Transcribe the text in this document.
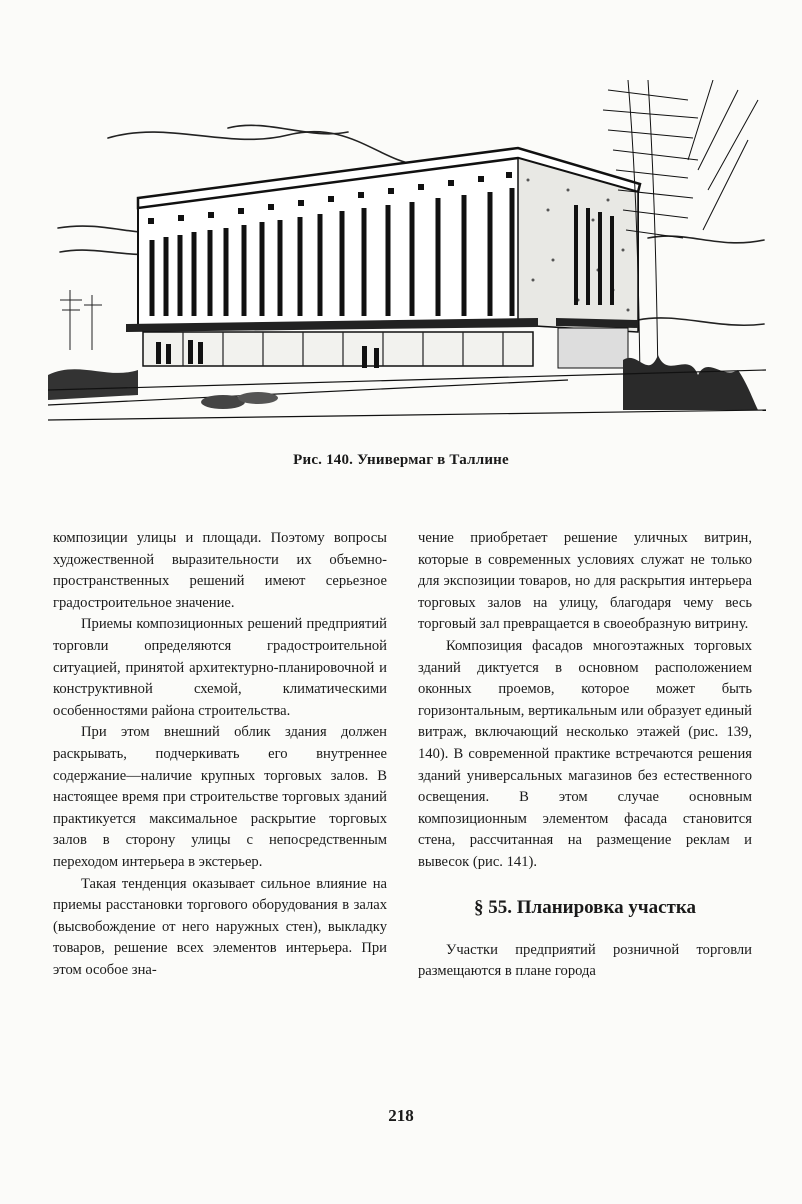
Рис. 140. Универмаг в Таллине

композиции улицы и площади. Поэтому вопросы художественной выразительности их объемно-пространственных решений имеют серьезное градостроительное значение.

Приемы композиционных решений предприятий торговли определяются градостроительной ситуацией, принятой архитектурно-планировочной и конструктивной схемой, климатическими особенностями района строительства.

При этом внешний облик здания должен раскрывать, подчеркивать его внутреннее содержание—наличие крупных торговых залов. В настоящее время при строительстве торговых зданий практикуется максимальное раскрытие торговых залов в сторону улицы с непосредственным переходом интерьера в экстерьер.

Такая тенденция оказывает сильное влияние на приемы расстановки торгового оборудования в залах (высвобождение от него наружных стен), выкладку товаров, решение всех элементов интерьера. При этом особое зна-

чение приобретает решение уличных витрин, которые в современных условиях служат не только для экспозиции товаров, но для раскрытия интерьера торговых залов на улицу, благодаря чему весь торговый зал превращается в своеобразную витрину.

Композиция фасадов многоэтажных торговых зданий диктуется в основном расположением оконных проемов, которое может быть горизонтальным, вертикальным или образует единый витраж, включающий несколько этажей (рис. 139, 140). В современной практике встречаются решения зданий универсальных магазинов без естественного освещения. В этом случае основным композиционным элементом фасада становится стена, рассчитанная на размещение реклам и вывесок (рис. 141).

§ 55. Планировка участка

Участки предприятий розничной торговли размещаются в плане города

218
